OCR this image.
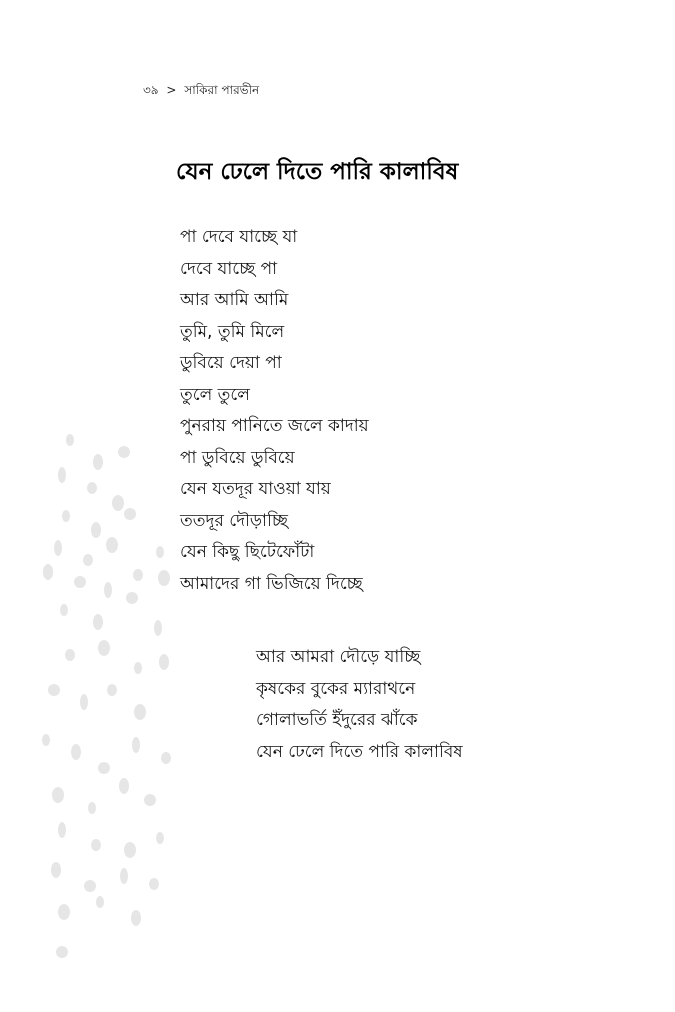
৩৯ > সাকিরা পারভীন
যেন ঢেলে দিতে পারি কালাবিষ
পা দেবে যাচ্ছে যা
দেবে যাচ্ছে পা
আর আমি আমি
তুমি, তুমি মিলে
ডুবিয়ে দেয়া পা
তুলে তুলে
পুনরায় পানিতে জলে কাদায়
পা ডুবিয়ে ডুবিয়ে
যেন যতদূর যাওয়া যায়
ততদূর দৌড়াচ্ছি
যেন কিছু ছিটেফোঁটা
আমাদের গা ভিজিয়ে দিচ্ছে
আর আমরা দৌড়ে যাচ্ছি
কৃষকের বুকের ম্যারাথনে
গোলাভর্তি ইঁদুরের ঝাঁকে
যেন ঢেলে দিতে পারি কালাবিষ
